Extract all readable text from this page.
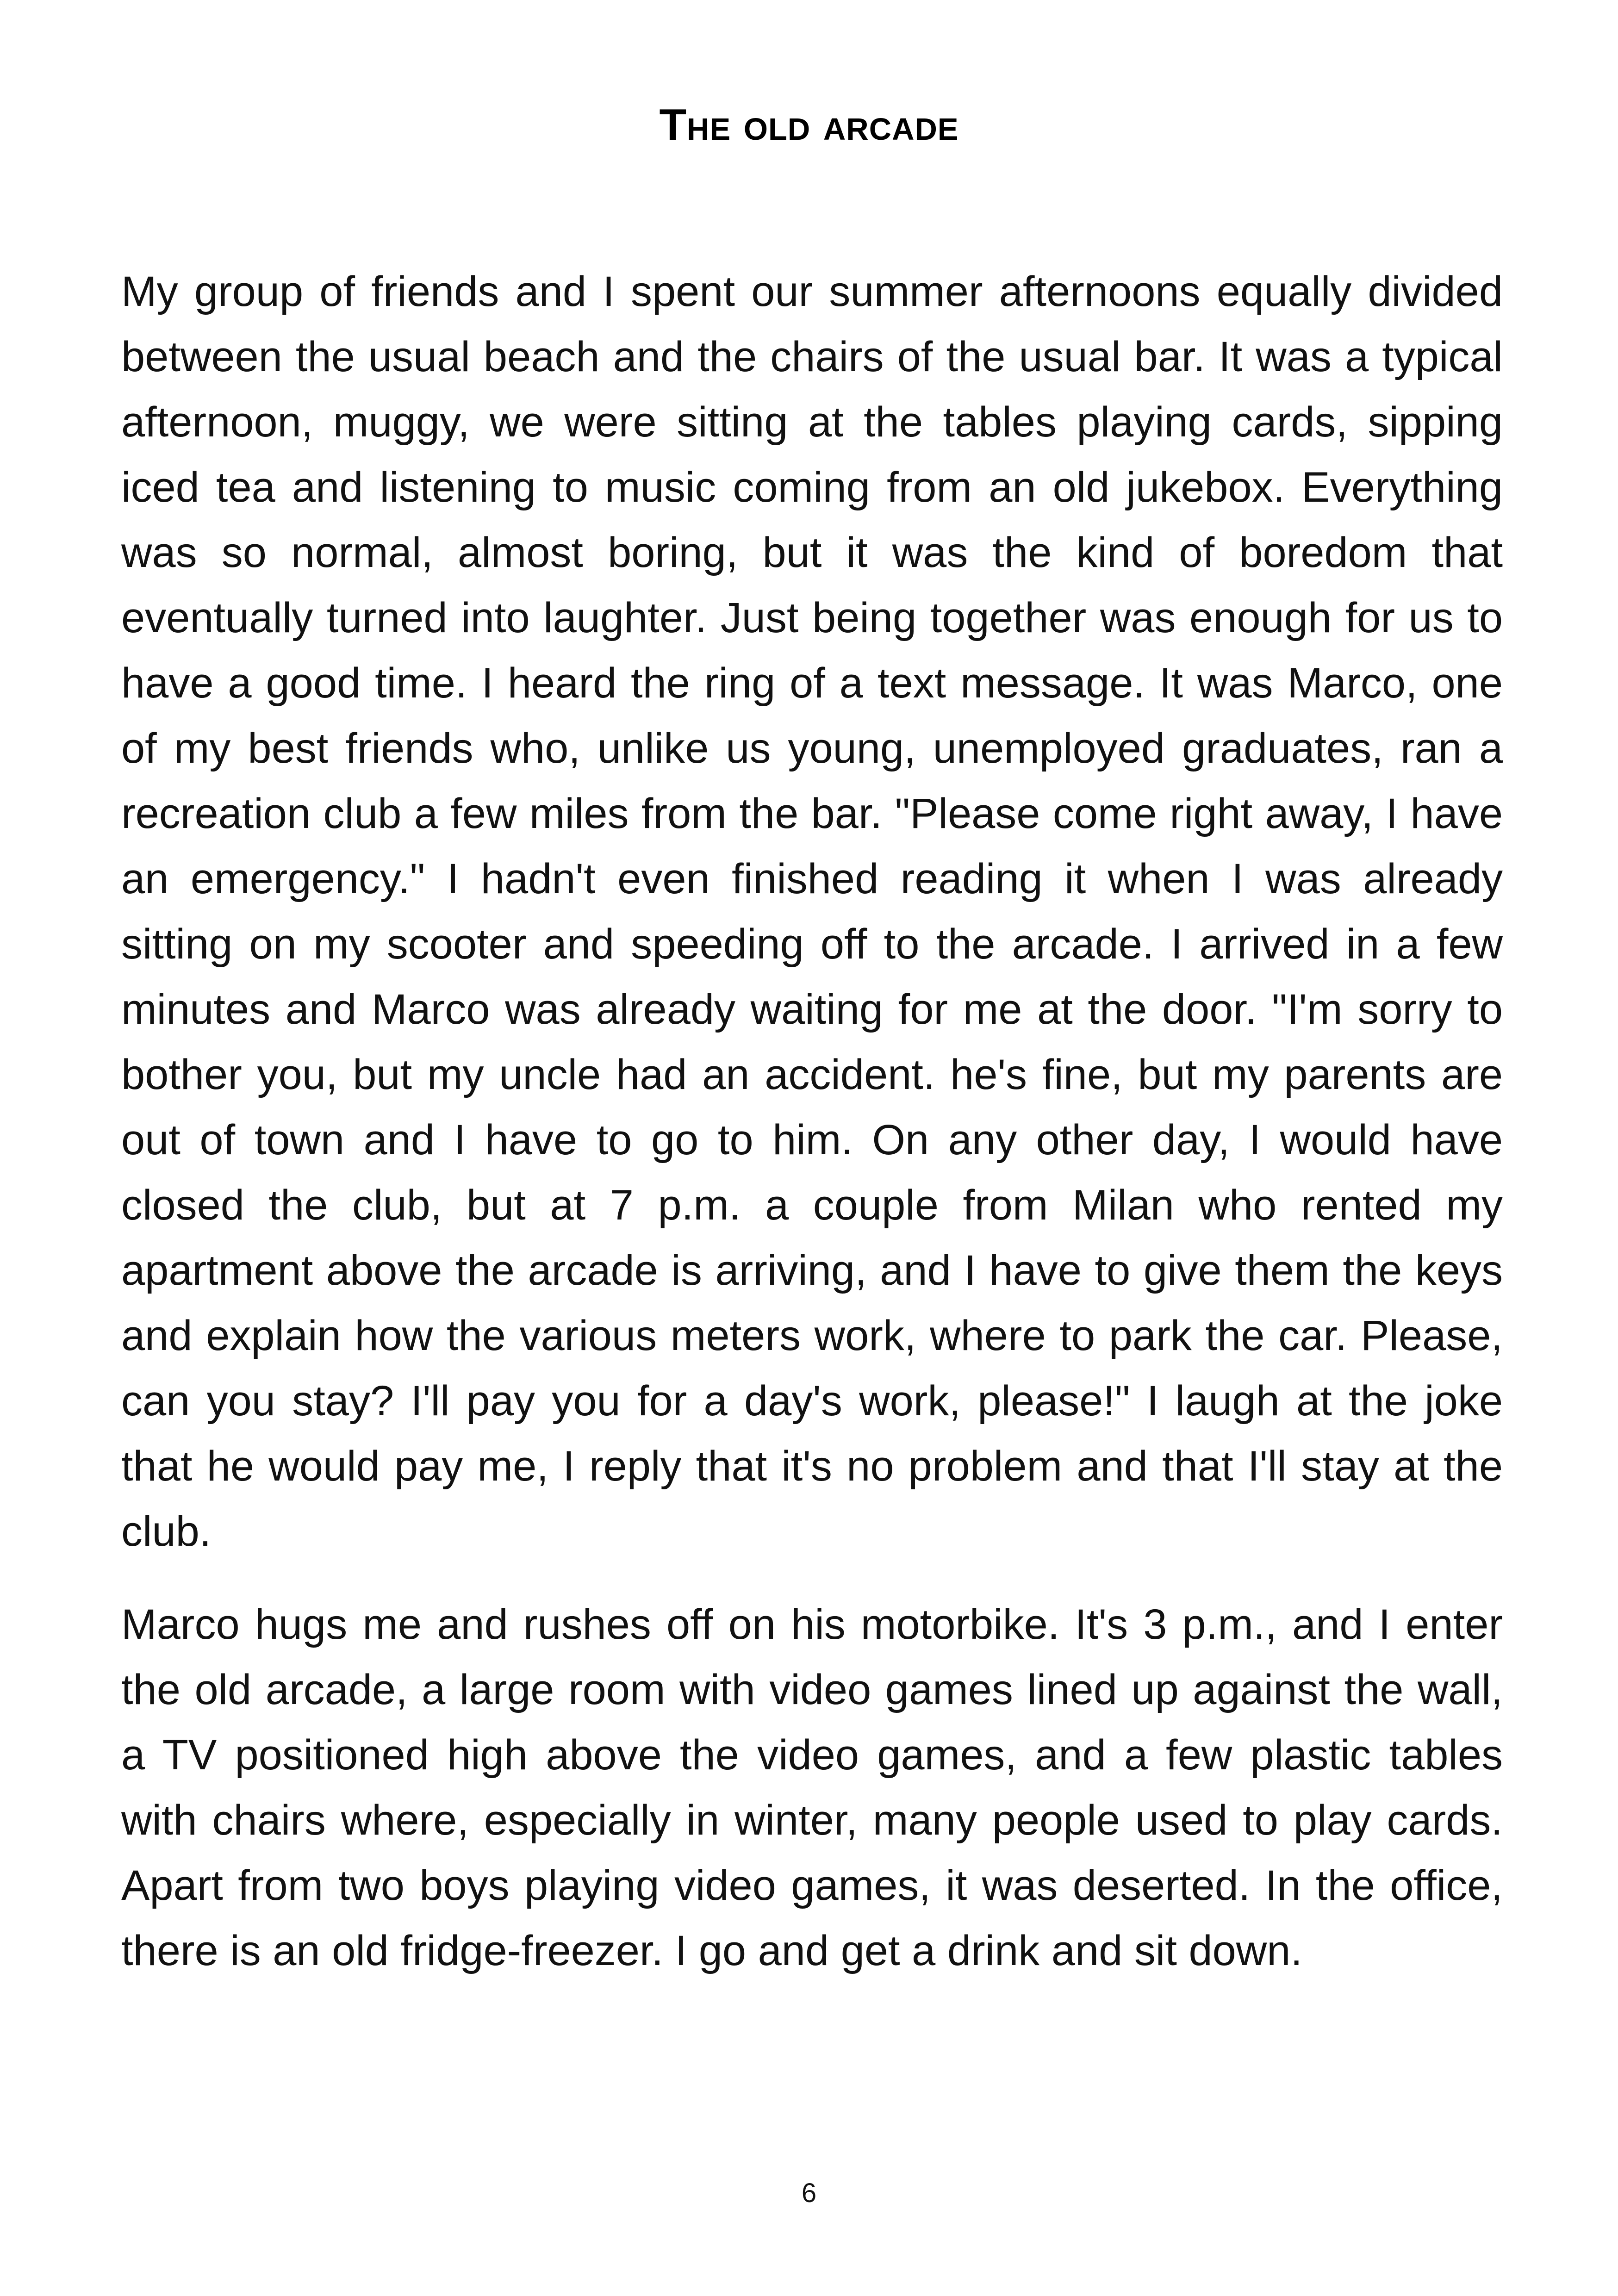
The old arcade

My group of friends and I spent our summer afternoons equally divided between the usual beach and the chairs of the usual bar. It was a typical afternoon, muggy, we were sitting at the tables playing cards, sipping iced tea and listening to music coming from an old jukebox. Everything was so normal, almost boring, but it was the kind of boredom that eventually turned into laughter. Just being together was enough for us to have a good time. I heard the ring of a text message. It was Marco, one of my best friends who, unlike us young, unemployed graduates, ran a recreation club a few miles from the bar. "Please come right away, I have an emergency." I hadn't even finished reading it when I was already sitting on my scooter and speeding off to the arcade. I arrived in a few minutes and Marco was already waiting for me at the door. "I'm sorry to bother you, but my uncle had an accident. he's fine, but my parents are out of town and I have to go to him. On any other day, I would have closed the club, but at 7 p.m. a couple from Milan who rented my apartment above the arcade is arriving, and I have to give them the keys and explain how the various meters work, where to park the car. Please, can you stay? I'll pay you for a day's work, please!" I laugh at the joke that he would pay me, I reply that it's no problem and that I'll stay at the club.

Marco hugs me and rushes off on his motorbike. It's 3 p.m., and I enter the old arcade, a large room with video games lined up against the wall, a TV positioned high above the video games, and a few plastic tables with chairs where, especially in winter, many people used to play cards. Apart from two boys playing video games, it was deserted. In the office, there is an old fridge-freezer. I go and get a drink and sit down.

6
